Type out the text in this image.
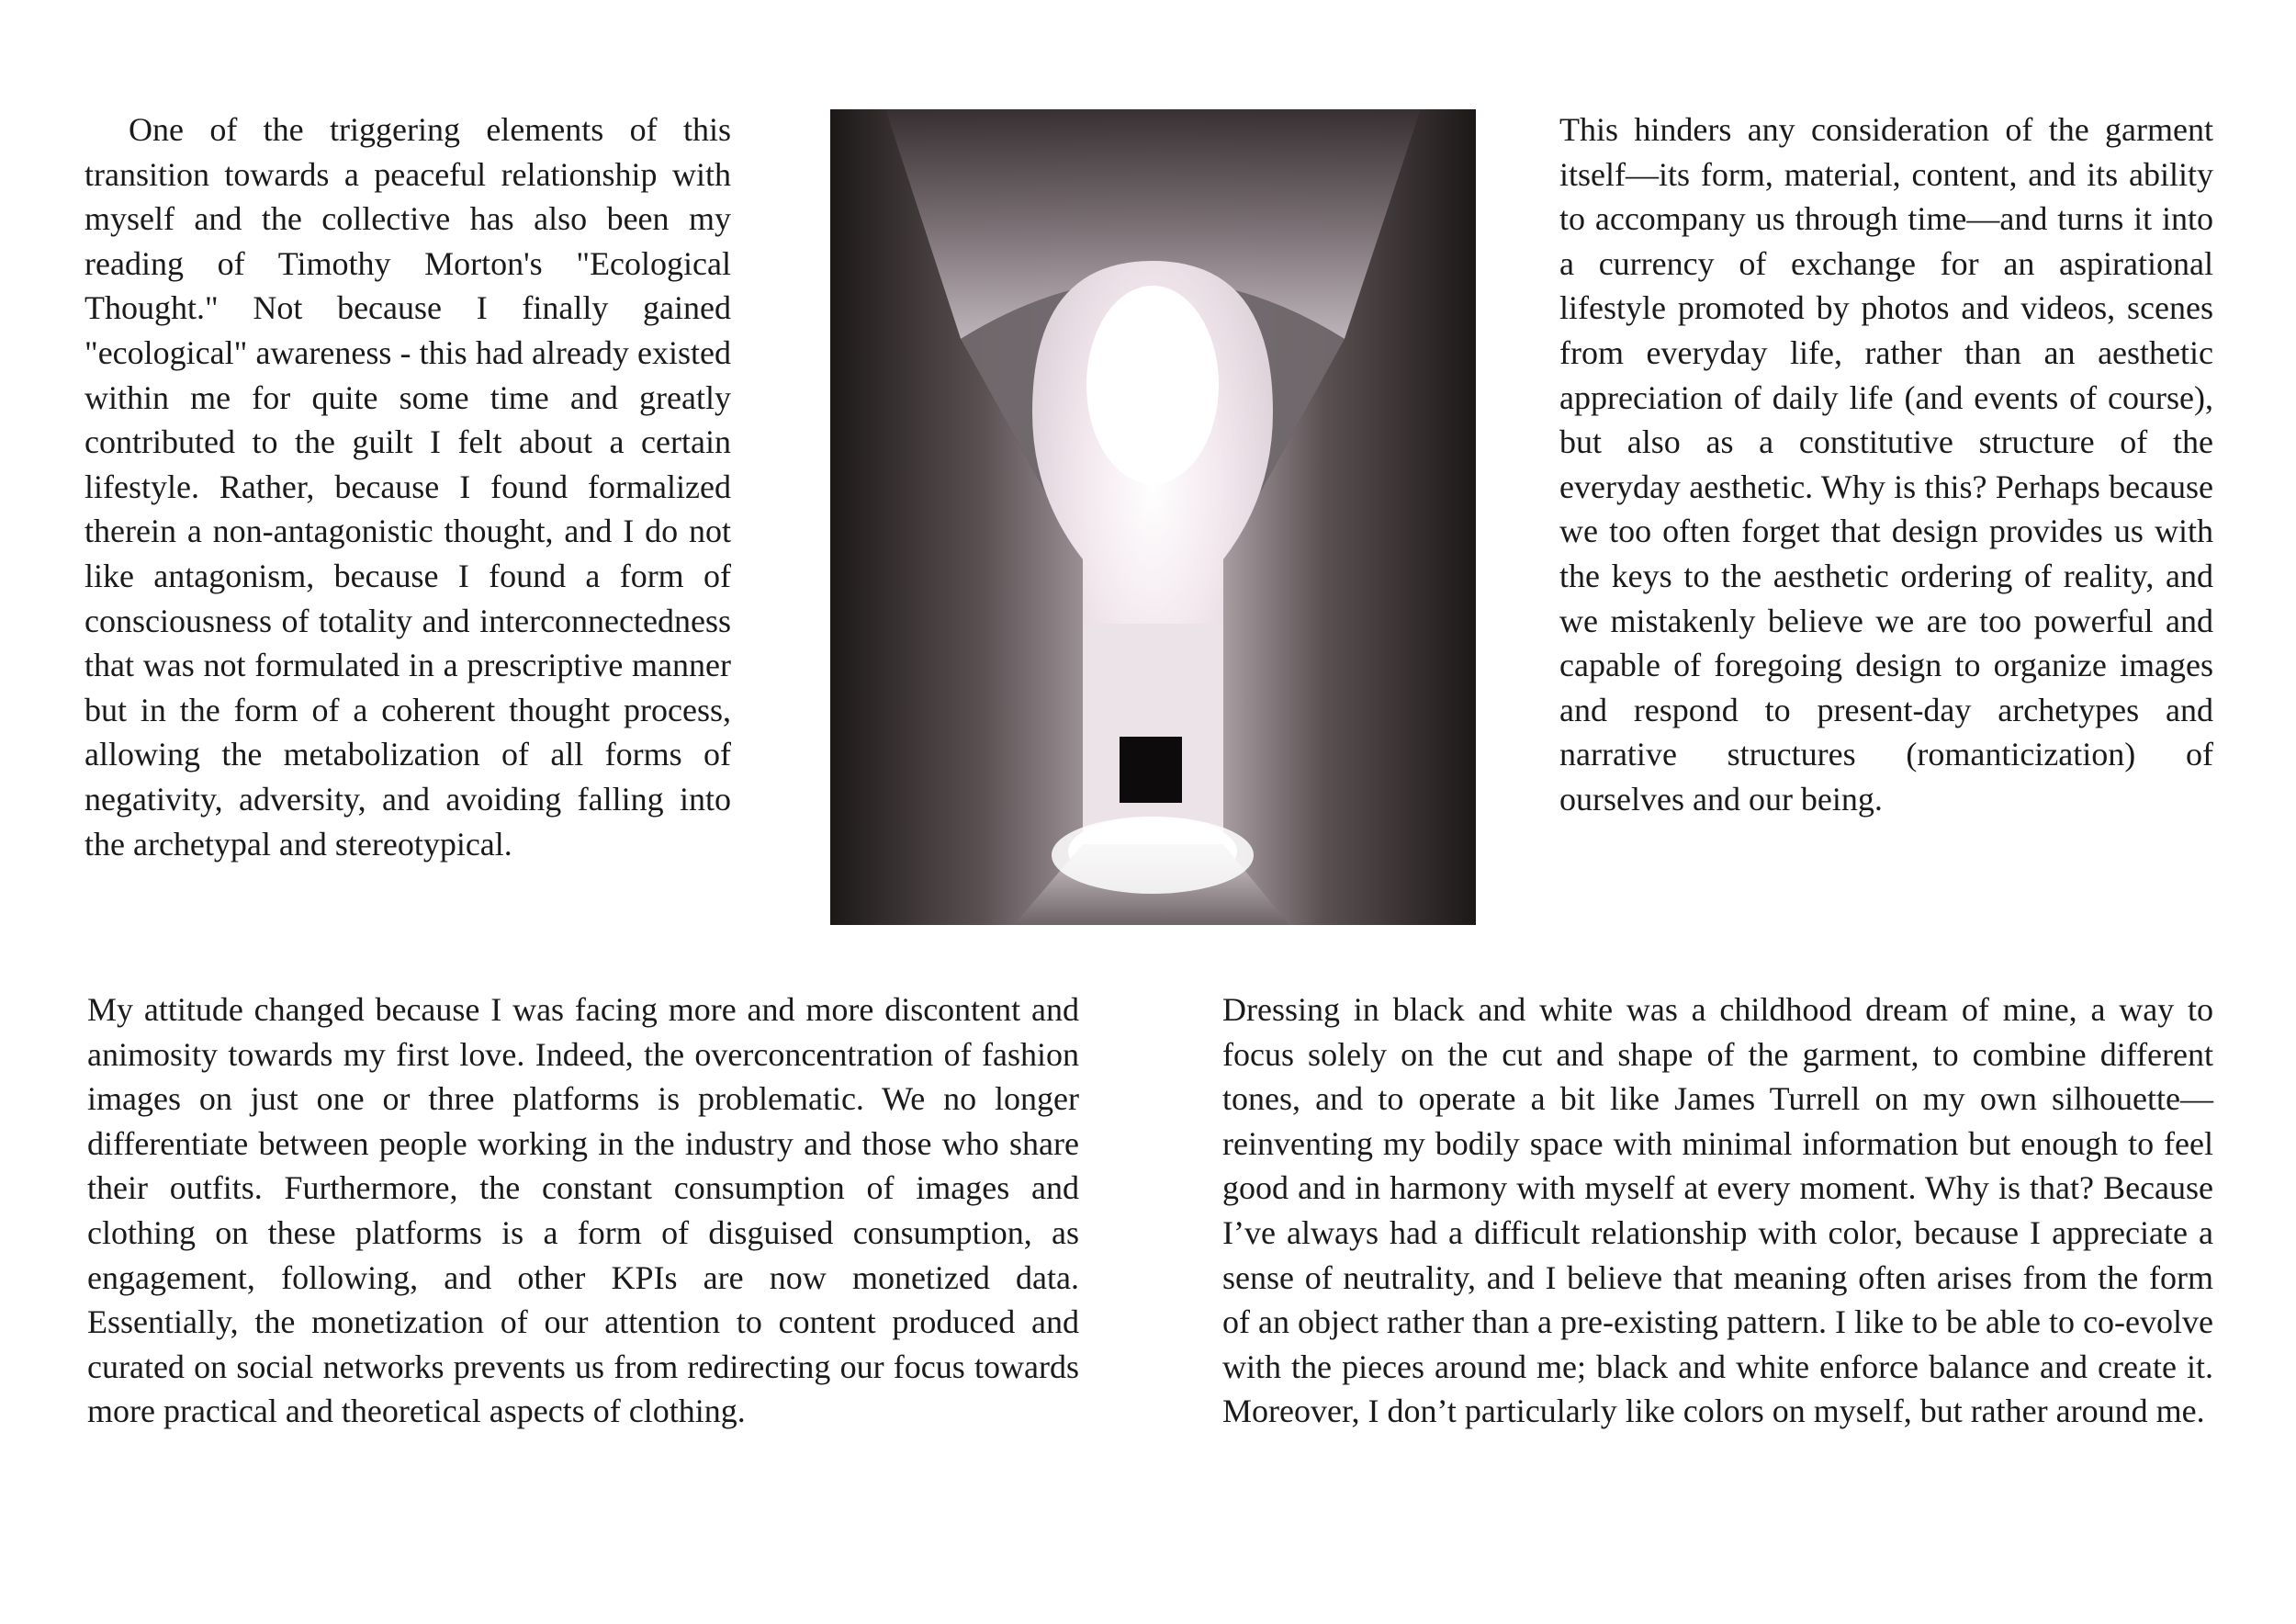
One of the triggering elements of this transition towards a peaceful relationship with myself and the collective has also been my reading of Timothy Morton's "Ecological Thought." Not because I finally gained "ecological" awareness - this had already existed within me for quite some time and greatly contributed to the guilt I felt about a certain lifestyle. Rather, because I found formalized therein a non-antagonistic thought, and I do not like antagonism, because I found a form of consciousness of totality and interconnectedness that was not formulated in a prescriptive manner but in the form of a coherent thought process, allowing the metabolization of all forms of negativity, adversity, and avoiding falling into the archetypal and stereotypical.

This hinders any consideration of the garment itself—its form, material, content, and its ability to accompany us through time—and turns it into a currency of exchange for an aspirational lifestyle promoted by photos and videos, scenes from everyday life, rather than an aesthetic appreciation of daily life (and events of course), but also as a constitutive structure of the everyday aesthetic. Why is this? Perhaps because we too often forget that design provides us with the keys to the aesthetic ordering of reality, and we mistakenly believe we are too powerful and capable of foregoing design to organize images and respond to present-day archetypes and narrative structures (romanticization) of ourselves and our being.

My attitude changed because I was facing more and more discontent and animosity towards my first love. Indeed, the overconcentration of fashion images on just one or three platforms is problematic. We no longer differentiate between people working in the industry and those who share their outfits. Furthermore, the constant consumption of images and clothing on these platforms is a form of disguised consumption, as engagement, following, and other KPIs are now monetized data. Essentially, the monetization of our attention to content produced and curated on social networks prevents us from redirecting our focus towards more practical and theoretical aspects of clothing.

Dressing in black and white was a childhood dream of mine, a way to focus solely on the cut and shape of the garment, to combine different tones, and to operate a bit like James Turrell on my own silhouette—reinventing my bodily space with minimal information but enough to feel good and in harmony with myself at every moment. Why is that? Because I’ve always had a difficult relationship with color, because I appreciate a sense of neutrality, and I believe that meaning often arises from the form of an object rather than a pre-existing pattern. I like to be able to co-evolve with the pieces around me; black and white enforce balance and create it. Moreover, I don’t particularly like colors on myself, but rather around me.
